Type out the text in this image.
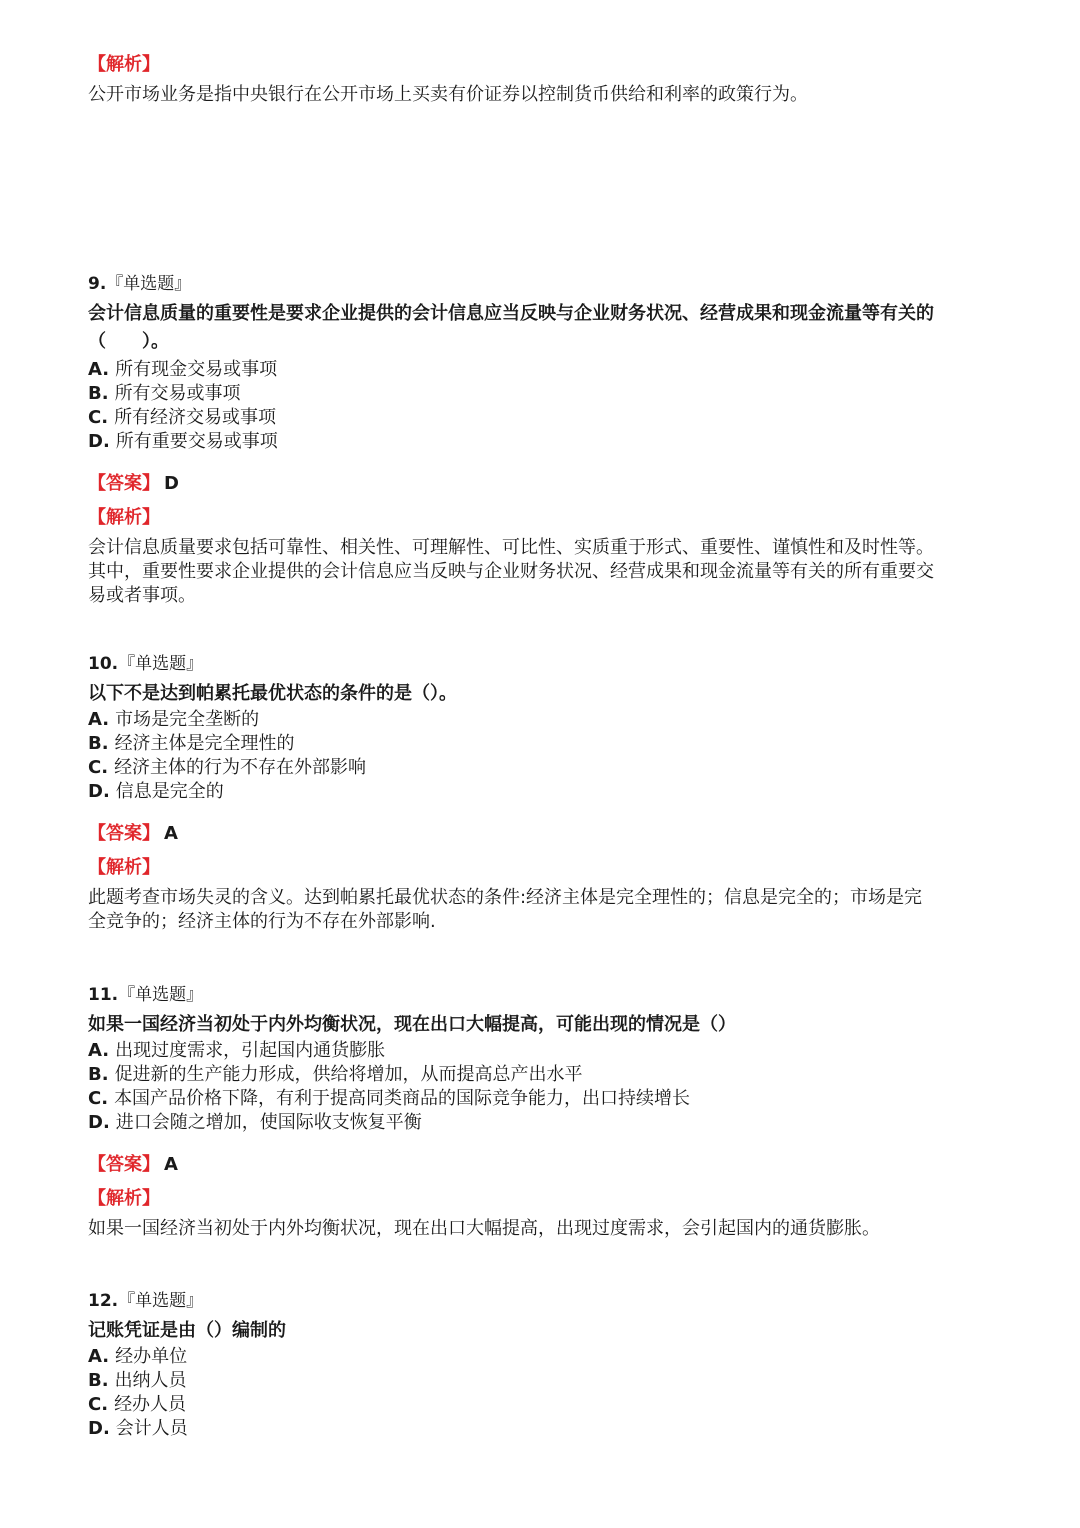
【解析】
公开市场业务是指中央银行在公开市场上买卖有价证券以控制货币供给和利率的政策行为。
9.『单选题』
会计信息质量的重要性是要求企业提供的会计信息应当反映与企业财务状况、经营成果和现金流量等有关的
（　　）。
A. 所有现金交易或事项
B. 所有交易或事项
C. 所有经济交易或事项
D. 所有重要交易或事项
【答案】 D
【解析】
会计信息质量要求包括可靠性、相关性、可理解性、可比性、实质重于形式、重要性、谨慎性和及时性等。
其中，重要性要求企业提供的会计信息应当反映与企业财务状况、经营成果和现金流量等有关的所有重要交
易或者事项。
10.『单选题』
以下不是达到帕累托最优状态的条件的是（）。
A. 市场是完全垄断的
B. 经济主体是完全理性的
C. 经济主体的行为不存在外部影响
D. 信息是完全的
【答案】 A
【解析】
此题考查市场失灵的含义。达到帕累托最优状态的条件:经济主体是完全理性的；信息是完全的；市场是完
全竞争的；经济主体的行为不存在外部影响.
11.『单选题』
如果一国经济当初处于内外均衡状况，现在出口大幅提高，可能出现的情况是（）
A. 出现过度需求，引起国内通货膨胀
B. 促进新的生产能力形成，供给将增加，从而提高总产出水平
C. 本国产品价格下降，有利于提高同类商品的国际竞争能力，出口持续增长
D. 进口会随之增加，使国际收支恢复平衡
【答案】 A
【解析】
如果一国经济当初处于内外均衡状况，现在出口大幅提高，出现过度需求，会引起国内的通货膨胀。
12.『单选题』
记账凭证是由（）编制的
A. 经办单位
B. 出纳人员
C. 经办人员
D. 会计人员
